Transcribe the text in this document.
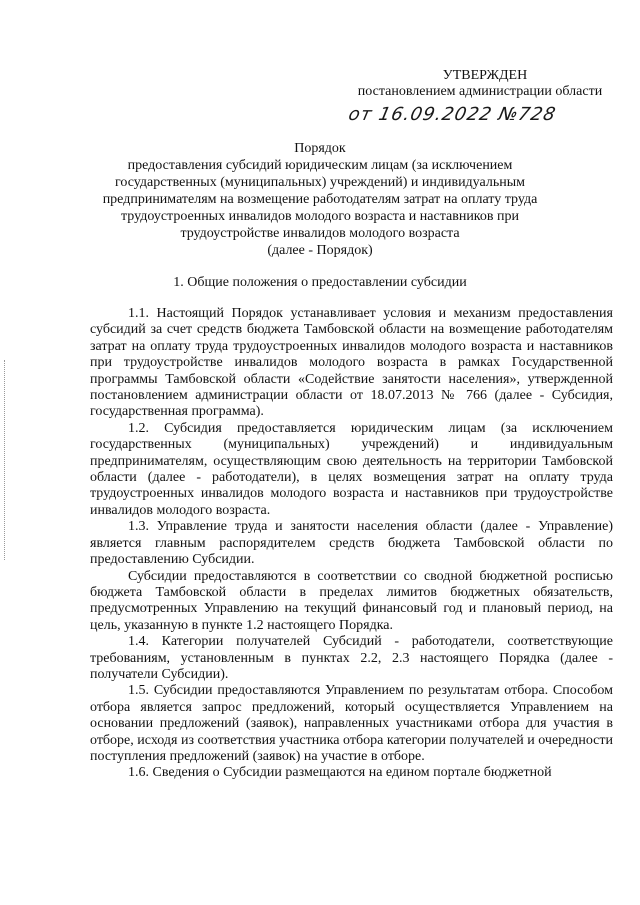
УТВЕРЖДЕН
постановлением администрации области
от 16.09.2022 №728
Порядок
предоставления субсидий юридическим лицам (за исключением
государственных (муниципальных) учреждений) и индивидуальным
предпринимателям на возмещение работодателям затрат на оплату труда
трудоустроенных инвалидов молодого возраста и наставников при
трудоустройстве инвалидов молодого возраста
(далее - Порядок)
1. Общие положения о предоставлении субсидии

1.1. Настоящий Порядок устанавливает условия и механизм предоставления субсидий за счет средств бюджета Тамбовской области на возмещение работодателям затрат на оплату труда трудоустроенных инвалидов молодого возраста и наставников при трудоустройстве инвалидов молодого возраста в рамках Государственной программы Тамбовской области «Содействие занятости населения», утвержденной постановлением администрации области от 18.07.2013 № 766 (далее - Субсидия, государственная программа).

1.2. Субсидия предоставляется юридическим лицам (за исключением государственных (муниципальных) учреждений) и индивидуальным предпринимателям, осуществляющим свою деятельность на территории Тамбовской области (далее - работодатели), в целях возмещения затрат на оплату труда трудоустроенных инвалидов молодого возраста и наставников при трудоустройстве инвалидов молодого возраста.

1.3. Управление труда и занятости населения области (далее - Управление) является главным распорядителем средств бюджета Тамбовской области по предоставлению Субсидии.

Субсидии предоставляются в соответствии со сводной бюджетной росписью бюджета Тамбовской области в пределах лимитов бюджетных обязательств, предусмотренных Управлению на текущий финансовый год и плановый период, на цель, указанную в пункте 1.2 настоящего Порядка.

1.4. Категории получателей Субсидий - работодатели, соответствующие требованиям, установленным в пунктах 2.2, 2.3 настоящего Порядка (далее - получатели Субсидии).

1.5. Субсидии предоставляются Управлением по результатам отбора. Способом отбора является запрос предложений, который осуществляется Управлением на основании предложений (заявок), направленных участниками отбора для участия в отборе, исходя из соответствия участника отбора категории получателей и очередности поступления предложений (заявок) на участие в отборе.

1.6. Сведения о Субсидии размещаются на едином портале бюджетной
